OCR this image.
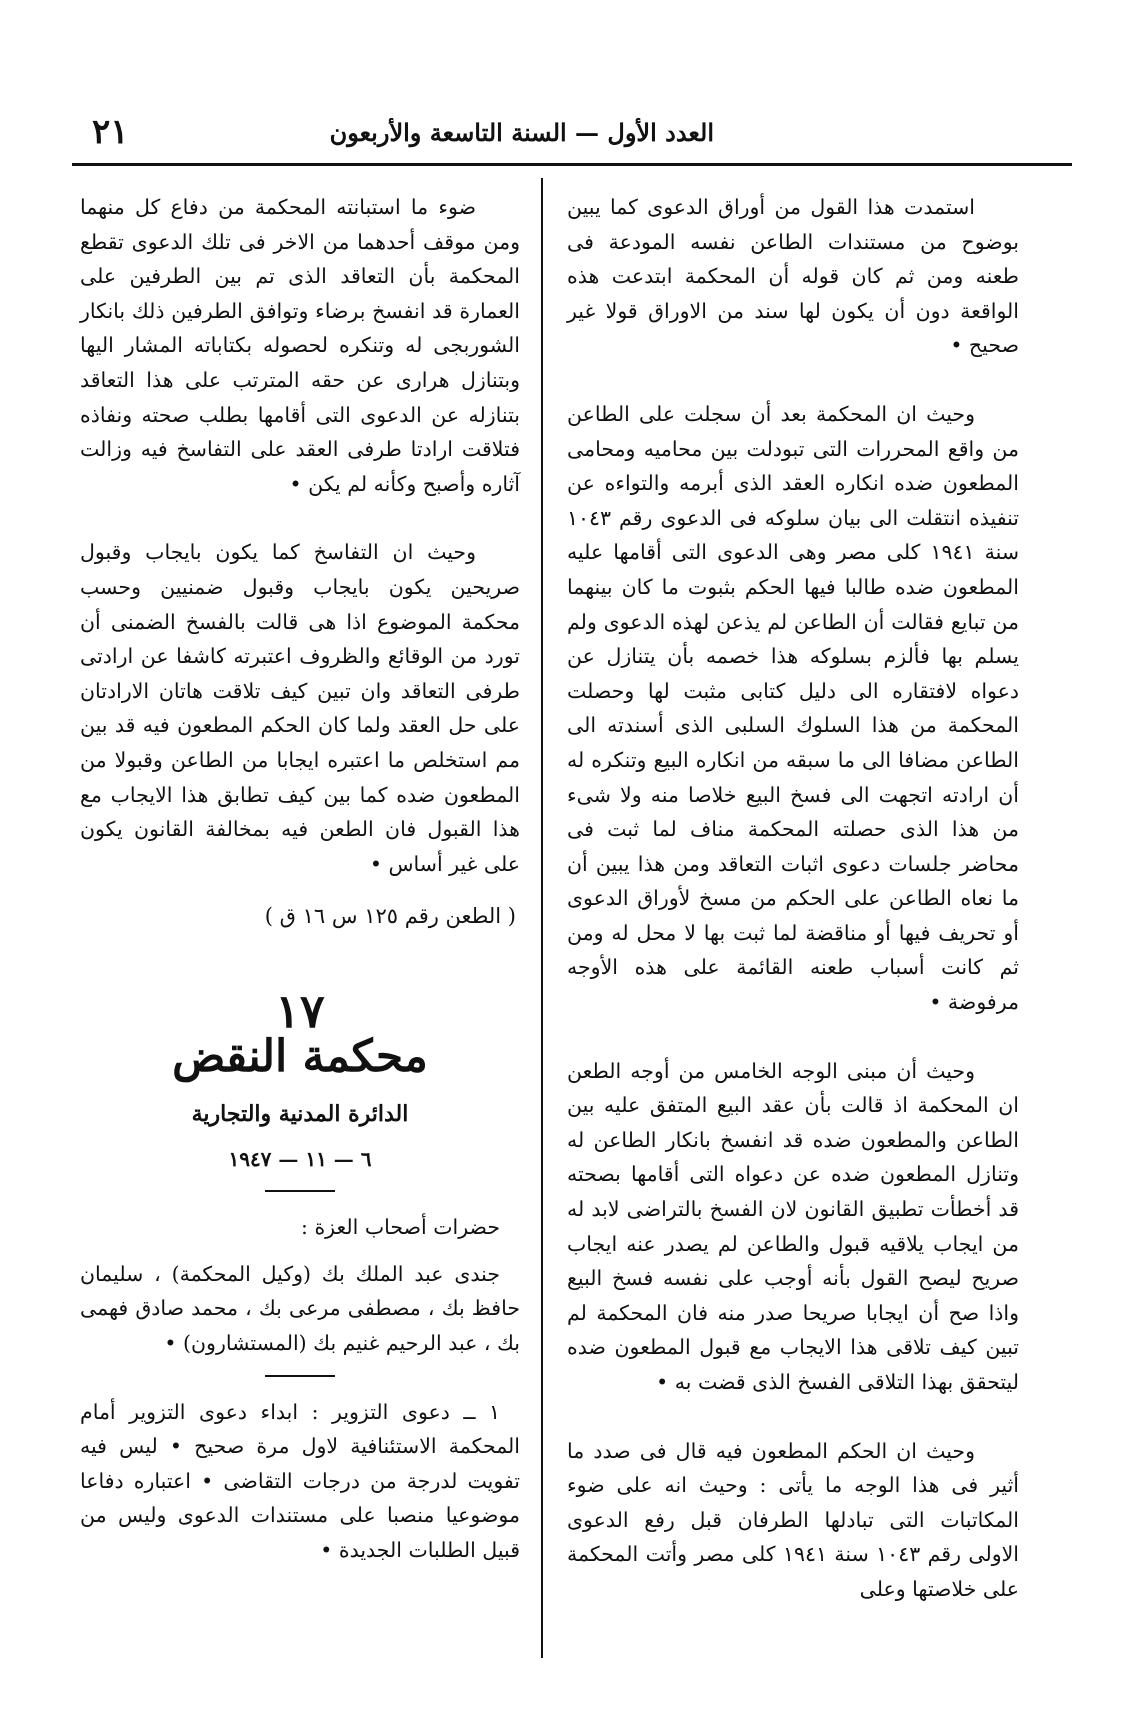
٢١	العدد الأول — السنة التاسعة والأربعون

استمدت هذا القول من أوراق الدعوى كما يبين بوضوح من مستندات الطاعن نفسه المودعة فى طعنه ومن ثم كان قوله أن المحكمة ابتدعت هذه الواقعة دون أن يكون لها سند من الاوراق قولا غير صحيح •

وحيث ان المحكمة بعد أن سجلت على الطاعن من واقع المحررات التى تبودلت بين محاميه ومحامى المطعون ضده انكاره العقد الذى أبرمه والتواءه عن تنفيذه انتقلت الى بيان سلوكه فى الدعوى رقم ١٠٤٣ سنة ١٩٤١ كلى مصر وهى الدعوى التى أقامها عليه المطعون ضده طالبا فيها الحكم بثبوت ما كان بينهما من تبايع فقالت أن الطاعن لم يذعن لهذه الدعوى ولم يسلم بها فألزم بسلوكه هذا خصمه بأن يتنازل عن دعواه لافتقاره الى دليل كتابى مثبت لها وحصلت المحكمة من هذا السلوك السلبى الذى أسندته الى الطاعن مضافا الى ما سبقه من انكاره البيع وتنكره له أن ارادته اتجهت الى فسخ البيع خلاصا منه ولا شىء من هذا الذى حصلته المحكمة مناف لما ثبت فى محاضر جلسات دعوى اثبات التعاقد ومن هذا يبين أن ما نعاه الطاعن على الحكم من مسخ لأوراق الدعوى أو تحريف فيها أو مناقضة لما ثبت بها لا محل له ومن ثم كانت أسباب طعنه القائمة على هذه الأوجه مرفوضة •

وحيث أن مبنى الوجه الخامس من أوجه الطعن ان المحكمة اذ قالت بأن عقد البيع المتفق عليه بين الطاعن والمطعون ضده قد انفسخ بانكار الطاعن له وتنازل المطعون ضده عن دعواه التى أقامها بصحته قد أخطأت تطبيق القانون لان الفسخ بالتراضى لابد له من ايجاب يلاقيه قبول والطاعن لم يصدر عنه ايجاب صريح ليصح القول بأنه أوجب على نفسه فسخ البيع واذا صح أن ايجابا صريحا صدر منه فان المحكمة لم تبين كيف تلاقى هذا الايجاب مع قبول المطعون ضده ليتحقق بهذا التلاقى الفسخ الذى قضت به •

وحيث ان الحكم المطعون فيه قال فى صدد ما أثير فى هذا الوجه ما يأتى : وحيث انه على ضوء المكاتبات التى تبادلها الطرفان قبل رفع الدعوى الاولى رقم ١٠٤٣ سنة ١٩٤١ كلى مصر وأتت المحكمة على خلاصتها وعلى

ضوء ما استبانته المحكمة من دفاع كل منهما ومن موقف أحدهما من الاخر فى تلك الدعوى تقطع المحكمة بأن التعاقد الذى تم بين الطرفين على العمارة قد انفسخ برضاء وتوافق الطرفين ذلك بانكار الشوربجى له وتنكره لحصوله بكتاباته المشار اليها وبتنازل هرارى عن حقه المترتب على هذا التعاقد بتنازله عن الدعوى التى أقامها بطلب صحته ونفاذه فتلاقت ارادتا طرفى العقد على التفاسخ فيه وزالت آثاره وأصبح وكأنه لم يكن •

وحيث ان التفاسخ كما يكون بايجاب وقبول صريحين يكون بايجاب وقبول ضمنيين وحسب محكمة الموضوع اذا هى قالت بالفسخ الضمنى أن تورد من الوقائع والظروف اعتبرته كاشفا عن ارادتى طرفى التعاقد وان تبين كيف تلاقت هاتان الارادتان على حل العقد ولما كان الحكم المطعون فيه قد بين مم استخلص ما اعتبره ايجابا من الطاعن وقبولا من المطعون ضده كما بين كيف تطابق هذا الايجاب مع هذا القبول فان الطعن فيه بمخالفة القانون يكون على غير أساس •

( الطعن رقم ١٢٥ س ١٦ ق )
١٧
محكمة النقض
الدائرة المدنية والتجارية
٦ — ١١ — ١٩٤٧
حضرات أصحاب العزة :

جندى عبد الملك بك (وكيل المحكمة) ، سليمان حافظ بك ، مصطفى مرعى بك ، محمد صادق فهمى بك ، عبد الرحيم غنيم بك (المستشارون) •

١ ــ دعوى التزوير : ابداء دعوى التزوير أمام المحكمة الاستئنافية لاول مرة صحيح • ليس فيه تفويت لدرجة من درجات التقاضى • اعتباره دفاعا موضوعيا منصبا على مستندات الدعوى وليس من قبيل الطلبات الجديدة •
